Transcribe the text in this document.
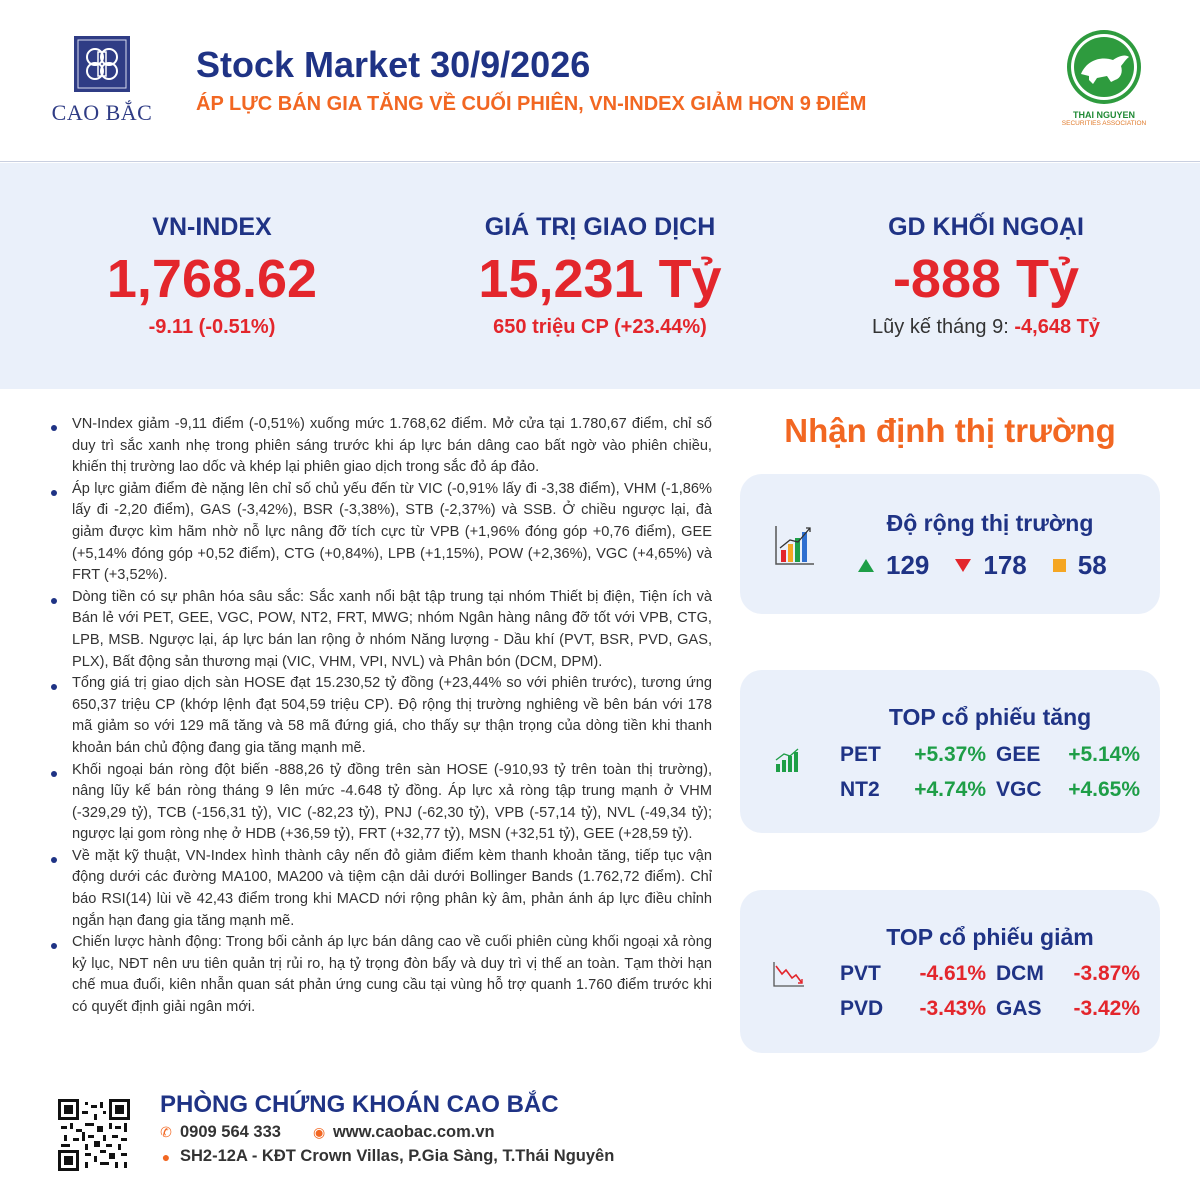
CAO BẮC
Stock Market 30/9/2026
ÁP LỰC BÁN GIA TĂNG VỀ CUỐI PHIÊN, VN-INDEX GIẢM HƠN 9 ĐIỂM	THAI NGUYEN
SECURITIES ASSOCIATION
VN-INDEX
1,768.62
-9.11 (-0.51%)
GIÁ TRỊ GIAO DỊCH
15,231 Tỷ
650 triệu CP (+23.44%)
GD KHỐI NGOẠI
-888 Tỷ
Lũy kế tháng 9: -4,648 Tỷ
VN-Index giảm -9,11 điểm (-0,51%) xuống mức 1.768,62 điểm. Mở cửa tại 1.780,67 điểm, chỉ số duy trì sắc xanh nhẹ trong phiên sáng trước khi áp lực bán dâng cao bất ngờ vào phiên chiều, khiến thị trường lao dốc và khép lại phiên giao dịch trong sắc đỏ áp đảo.
Áp lực giảm điểm đè nặng lên chỉ số chủ yếu đến từ VIC (-0,91% lấy đi -3,38 điểm), VHM (-1,86% lấy đi -2,20 điểm), GAS (-3,42%), BSR (-3,38%), STB (-2,37%) và SSB. Ở chiều ngược lại, đà giảm được kìm hãm nhờ nỗ lực nâng đỡ tích cực từ VPB (+1,96% đóng góp +0,76 điểm), GEE (+5,14% đóng góp +0,52 điểm), CTG (+0,84%), LPB (+1,15%), POW (+2,36%), VGC (+4,65%) và FRT (+3,52%).
Dòng tiền có sự phân hóa sâu sắc: Sắc xanh nổi bật tập trung tại nhóm Thiết bị điện, Tiện ích và Bán lẻ với PET, GEE, VGC, POW, NT2, FRT, MWG; nhóm Ngân hàng nâng đỡ tốt với VPB, CTG, LPB, MSB. Ngược lại, áp lực bán lan rộng ở nhóm Năng lượng - Dầu khí (PVT, BSR, PVD, GAS, PLX), Bất động sản thương mại (VIC, VHM, VPI, NVL) và Phân bón (DCM, DPM).
Tổng giá trị giao dịch sàn HOSE đạt 15.230,52 tỷ đồng (+23,44% so với phiên trước), tương ứng 650,37 triệu CP (khớp lệnh đạt 504,59 triệu CP). Độ rộng thị trường nghiêng về bên bán với 178 mã giảm so với 129 mã tăng và 58 mã đứng giá, cho thấy sự thận trọng của dòng tiền khi thanh khoản bán chủ động đang gia tăng mạnh mẽ.
Khối ngoại bán ròng đột biến -888,26 tỷ đồng trên sàn HOSE (-910,93 tỷ trên toàn thị trường), nâng lũy kế bán ròng tháng 9 lên mức -4.648 tỷ đồng. Áp lực xả ròng tập trung mạnh ở VHM (-329,29 tỷ), TCB (-156,31 tỷ), VIC (-82,23 tỷ), PNJ (-62,30 tỷ), VPB (-57,14 tỷ), NVL (-49,34 tỷ); ngược lại gom ròng nhẹ ở HDB (+36,59 tỷ), FRT (+32,77 tỷ), MSN (+32,51 tỷ), GEE (+28,59 tỷ).
Về mặt kỹ thuật, VN-Index hình thành cây nến đỏ giảm điểm kèm thanh khoản tăng, tiếp tục vận động dưới các đường MA100, MA200 và tiệm cận dải dưới Bollinger Bands (1.762,72 điểm). Chỉ báo RSI(14) lùi về 42,43 điểm trong khi MACD nới rộng phân kỳ âm, phản ánh áp lực điều chỉnh ngắn hạn đang gia tăng mạnh mẽ.
Chiến lược hành động: Trong bối cảnh áp lực bán dâng cao về cuối phiên cùng khối ngoại xả ròng kỷ lục, NĐT nên ưu tiên quản trị rủi ro, hạ tỷ trọng đòn bẩy và duy trì vị thế an toàn. Tạm thời hạn chế mua đuổi, kiên nhẫn quan sát phản ứng cung cầu tại vùng hỗ trợ quanh 1.760 điểm trước khi có quyết định giải ngân mới.
Nhận định thị trường
Độ rộng thị trường
129 178 58
TOP cổ phiếu tăng
PET +5.37% GEE +5.14%
NT2 +4.74% VGC +4.65%
TOP cổ phiếu giảm
PVT -4.61% DCM -3.87%
PVD -3.43% GAS -3.42%
PHÒNG CHỨNG KHOÁN CAO BẮC
✆ 0909 564 333 ◉ www.caobac.com.vn
● SH2-12A - KĐT Crown Villas, P.Gia Sàng, T.Thái Nguyên
